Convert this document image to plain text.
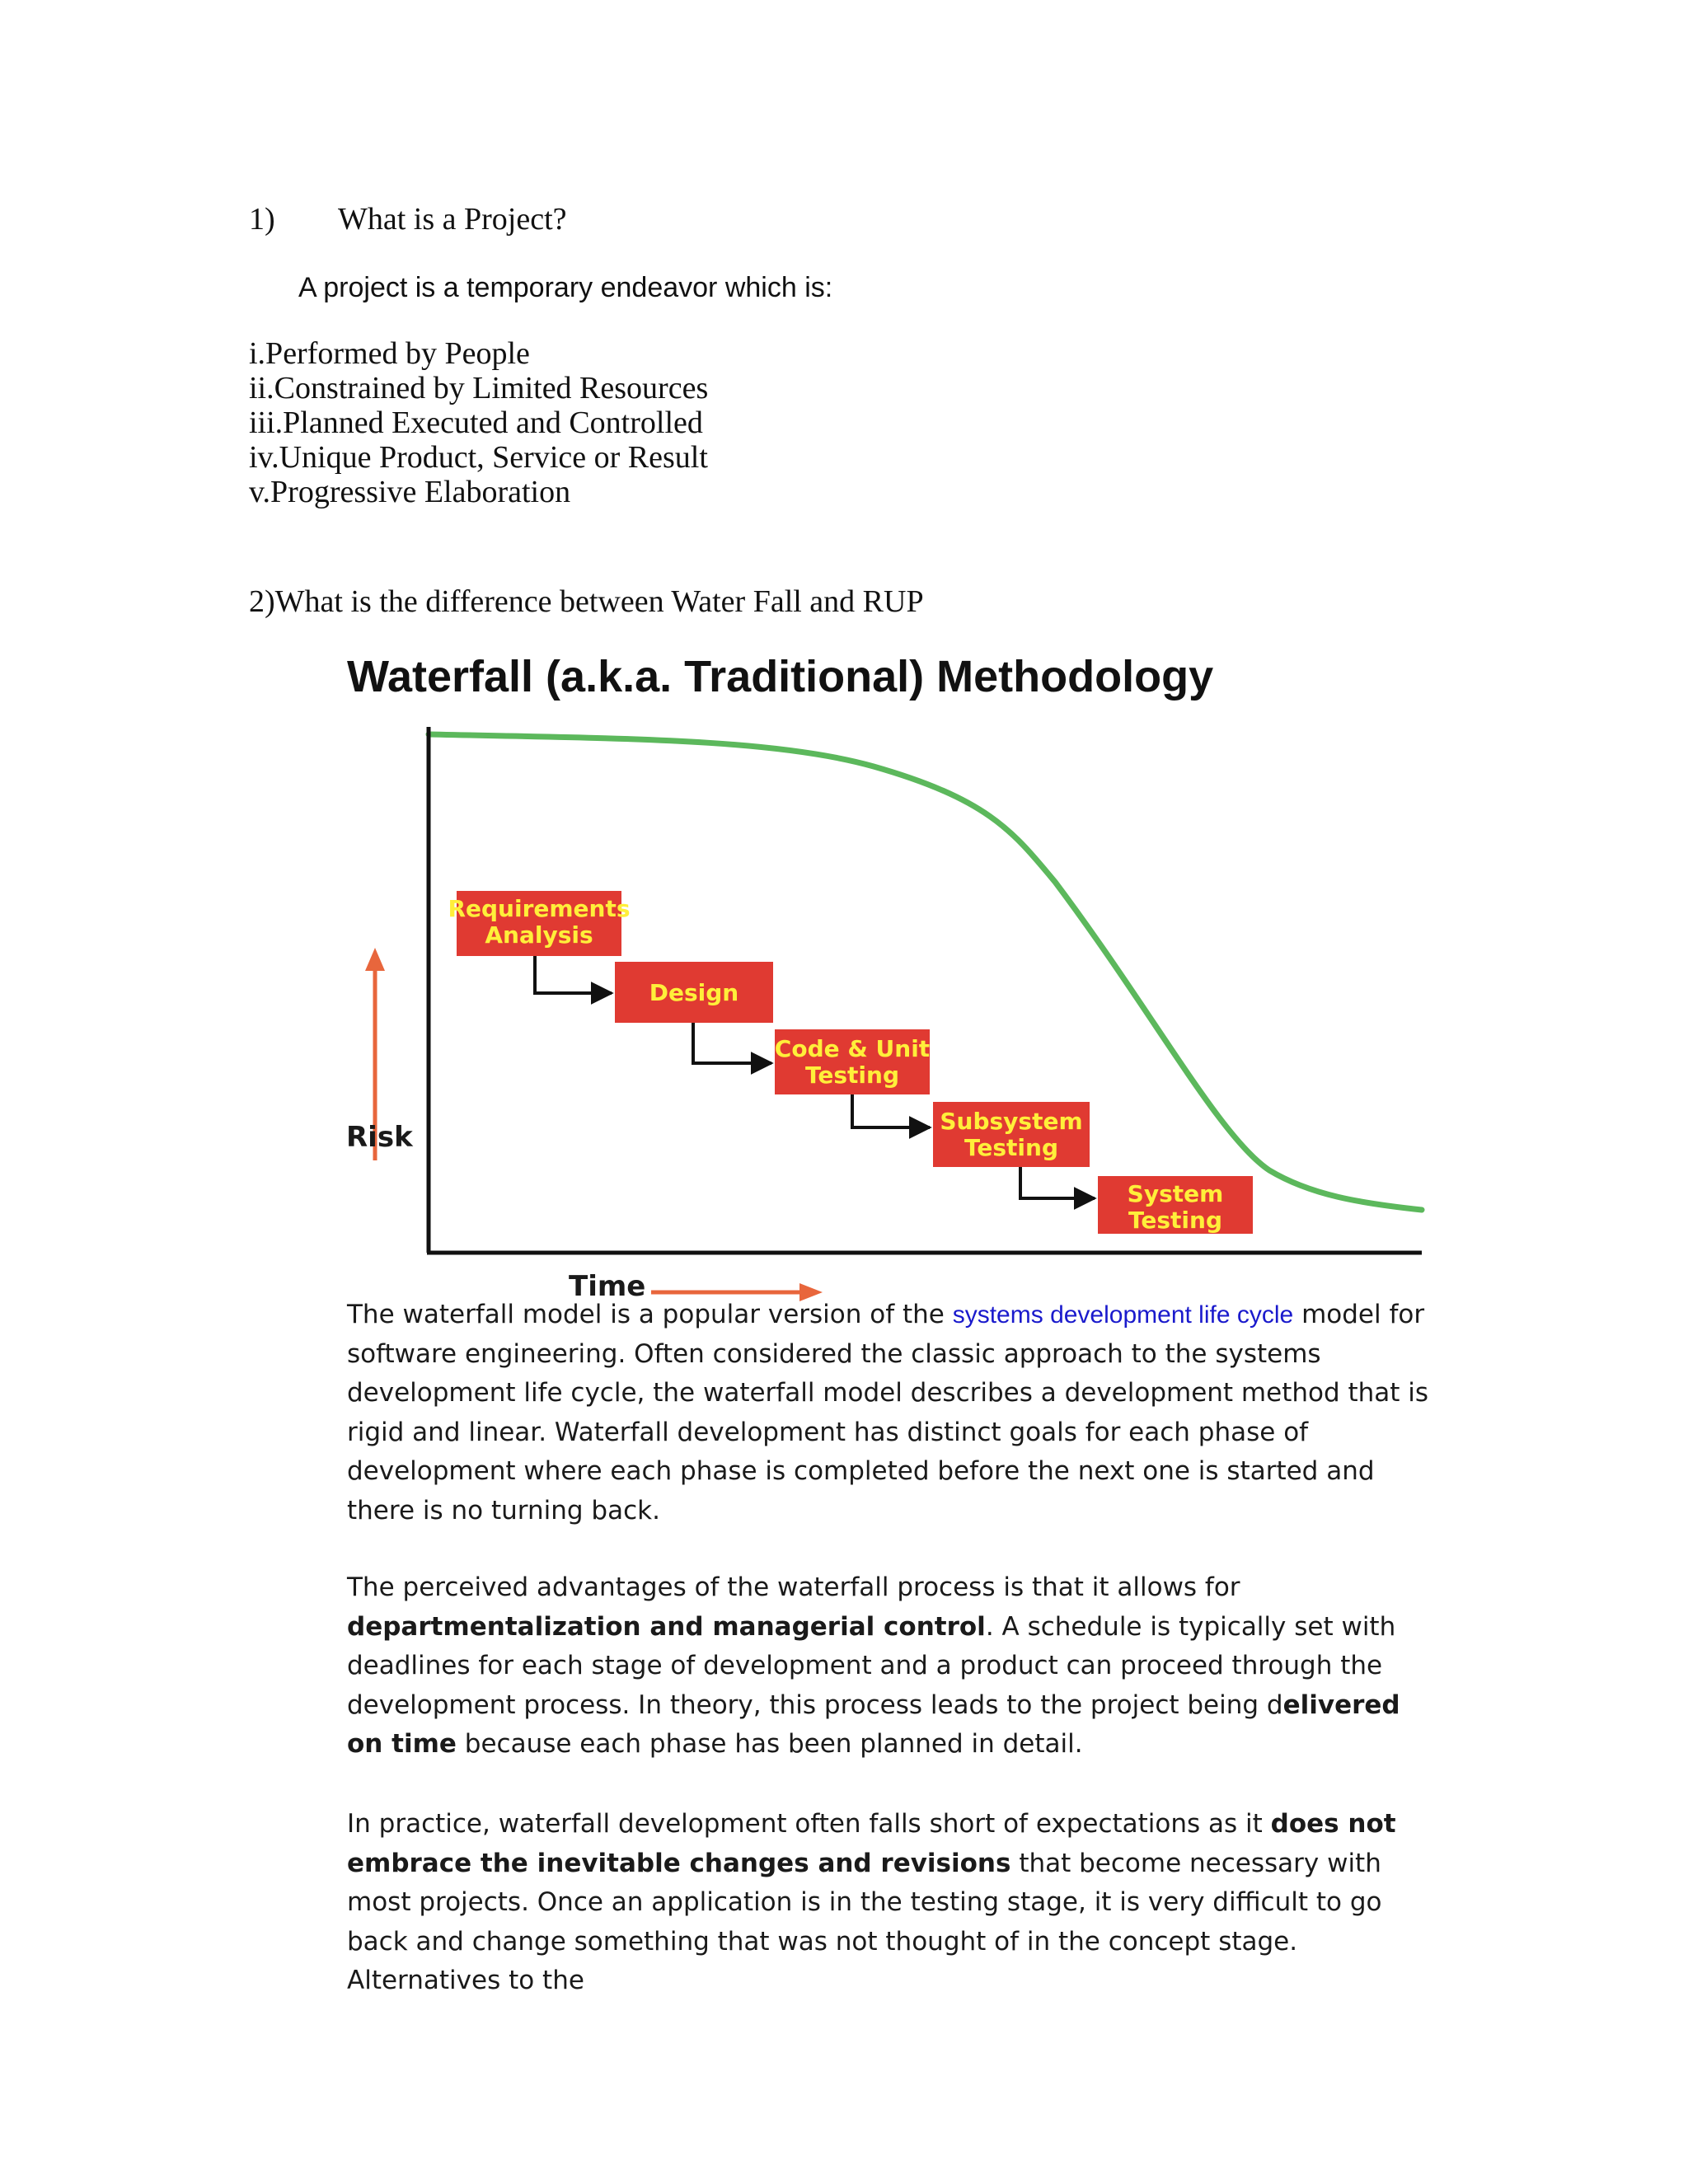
1)	What is a Project?
A project is a temporary endeavor which is:
i.Performed by People
ii.Constrained by Limited Resources
iii.Planned Executed and Controlled
iv.Unique Product, Service or Result
v.Progressive Elaboration
2)What is the difference between Water Fall and RUP
Waterfall (a.k.a. Traditional) Methodology
Risk
Time
Requirements
Analysis
Design
Code & Unit
Testing
Subsystem
Testing
System
Testing

The waterfall model is a popular version of the systems development life cycle model for software engineering. Often considered the classic approach to the systems development life cycle, the waterfall model describes a development method that is rigid and linear. Waterfall development has distinct goals for each phase of development where each phase is completed before the next one is started and there is no turning back.

The perceived advantages of the waterfall process is that it allows for departmentalization and managerial control. A schedule is typically set with deadlines for each stage of development and a product can proceed through the development process. In theory, this process leads to the project being delivered on time because each phase has been planned in detail.

In practice, waterfall development often falls short of expectations as it does not embrace the inevitable changes and revisions that become necessary with most projects. Once an application is in the testing stage, it is very difficult to go back and change something that was not thought of in the concept stage. Alternatives to the
